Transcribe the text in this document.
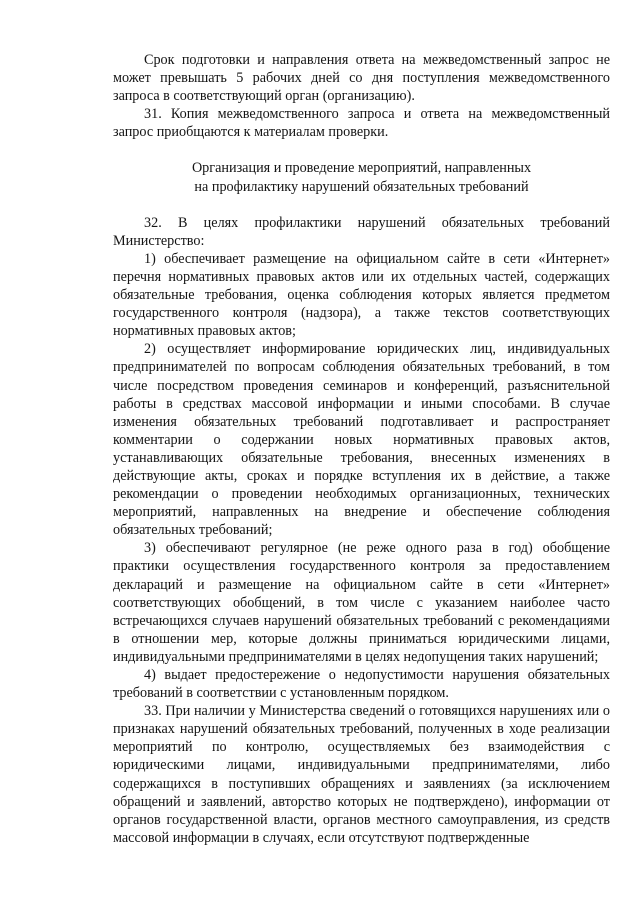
Срок подготовки и направления ответа на межведомственный запрос не может превышать 5 рабочих дней со дня поступления межведомственного запроса в соответствующий орган (организацию).

31. Копия межведомственного запроса и ответа на межведомственный запрос приобщаются к материалам проверки.

Организация и проведение мероприятий, направленных
на профилактику нарушений обязательных требований

32. В целях профилактики нарушений обязательных требований Министерство:

1) обеспечивает размещение на официальном сайте в сети «Интернет» перечня нормативных правовых актов или их отдельных частей, содержащих обязательные требования, оценка соблюдения которых является предметом государственного контроля (надзора), а также текстов соответствующих нормативных правовых актов;

2) осуществляет информирование юридических лиц, индивидуальных предпринимателей по вопросам соблюдения обязательных требований, в том числе посредством проведения семинаров и конференций, разъяснительной работы в средствах массовой информации и иными способами. В случае изменения обязательных требований подготавливает и распространяет комментарии о содержании новых нормативных правовых актов, устанавливающих обязательные требования, внесенных изменениях в действующие акты, сроках и порядке вступления их в действие, а также рекомендации о проведении необходимых организационных, технических мероприятий, направленных на внедрение и обеспечение соблюдения обязательных требований;

3) обеспечивают регулярное (не реже одного раза в год) обобщение практики осуществления государственного контроля за предоставлением деклараций и размещение на официальном сайте в сети «Интернет» соответствующих обобщений, в том числе с указанием наиболее часто встречающихся случаев нарушений обязательных требований с рекомендациями в отношении мер, которые должны приниматься юридическими лицами, индивидуальными предпринимателями в целях недопущения таких нарушений;

4) выдает предостережение о недопустимости нарушения обязательных требований в соответствии с установленным порядком.

33. При наличии у Министерства сведений о готовящихся нарушениях или о признаках нарушений обязательных требований, полученных в ходе реализации мероприятий по контролю, осуществляемых без взаимодействия с юридическими лицами, индивидуальными предпринимателями, либо содержащихся в поступивших обращениях и заявлениях (за исключением обращений и заявлений, авторство которых не подтверждено), информации от органов государственной власти, органов местного самоуправления, из средств массовой информации в случаях, если отсутствуют подтвержденные
